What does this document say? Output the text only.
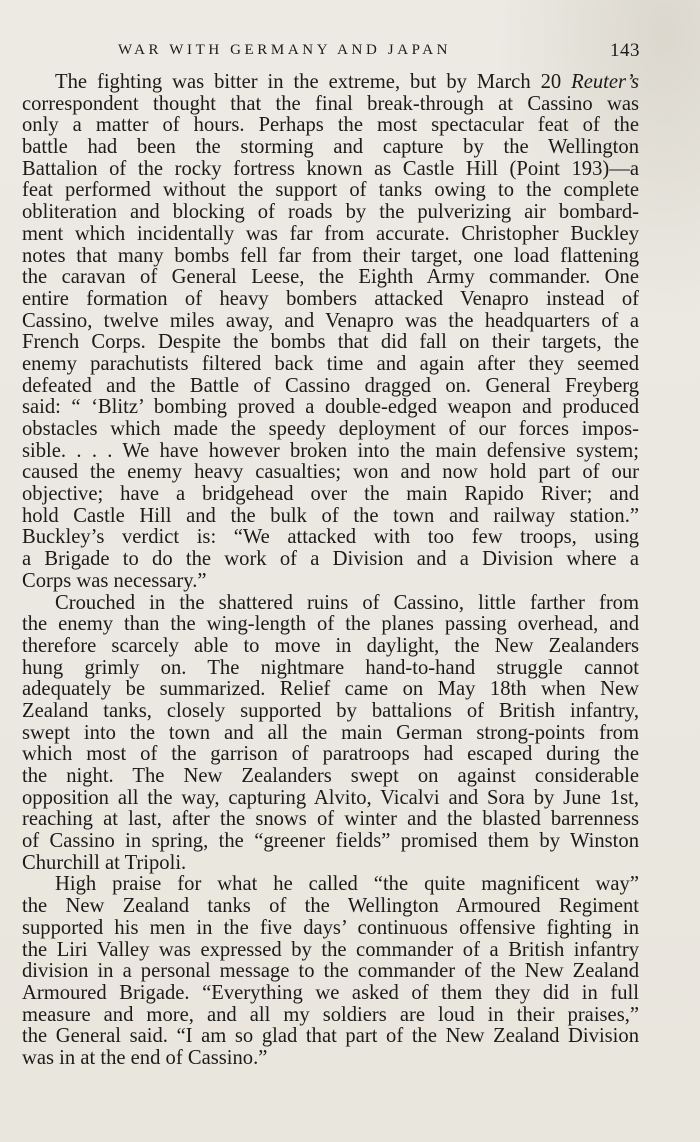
WAR WITH GERMANY AND JAPAN	143
The fighting was bitter in the extreme, but by March 20 Reuter’s
correspondent thought that the final break-through at Cassino was
only a matter of hours. Perhaps the most spectacular feat of the
battle had been the storming and capture by the Wellington
Battalion of the rocky fortress known as Castle Hill (Point 193)—a
feat performed without the support of tanks owing to the complete
obliteration and blocking of roads by the pulverizing air bombard-
ment which incidentally was far from accurate. Christopher Buckley
notes that many bombs fell far from their target, one load flattening
the caravan of General Leese, the Eighth Army commander. One
entire formation of heavy bombers attacked Venapro instead of
Cassino, twelve miles away, and Venapro was the headquarters of a
French Corps. Despite the bombs that did fall on their targets, the
enemy parachutists filtered back time and again after they seemed
defeated and the Battle of Cassino dragged on. General Freyberg
said: “ ‘Blitz’ bombing proved a double-edged weapon and produced
obstacles which made the speedy deployment of our forces impos-
sible. . . . We have however broken into the main defensive system;
caused the enemy heavy casualties; won and now hold part of our
objective; have a bridgehead over the main Rapido River; and
hold Castle Hill and the bulk of the town and railway station.”
Buckley’s verdict is: “We attacked with too few troops, using
a Brigade to do the work of a Division and a Division where a
Corps was necessary.”
Crouched in the shattered ruins of Cassino, little farther from
the enemy than the wing-length of the planes passing overhead, and
therefore scarcely able to move in daylight, the New Zealanders
hung grimly on. The nightmare hand-to-hand struggle cannot
adequately be summarized. Relief came on May 18th when New
Zealand tanks, closely supported by battalions of British infantry,
swept into the town and all the main German strong-points from
which most of the garrison of paratroops had escaped during the
the night. The New Zealanders swept on against considerable
opposition all the way, capturing Alvito, Vicalvi and Sora by June 1st,
reaching at last, after the snows of winter and the blasted barrenness
of Cassino in spring, the “greener fields” promised them by Winston
Churchill at Tripoli.
High praise for what he called “the quite magnificent way”
the New Zealand tanks of the Wellington Armoured Regiment
supported his men in the five days’ continuous offensive fighting in
the Liri Valley was expressed by the commander of a British infantry
division in a personal message to the commander of the New Zealand
Armoured Brigade. “Everything we asked of them they did in full
measure and more, and all my soldiers are loud in their praises,”
the General said. “I am so glad that part of the New Zealand Division
was in at the end of Cassino.”
